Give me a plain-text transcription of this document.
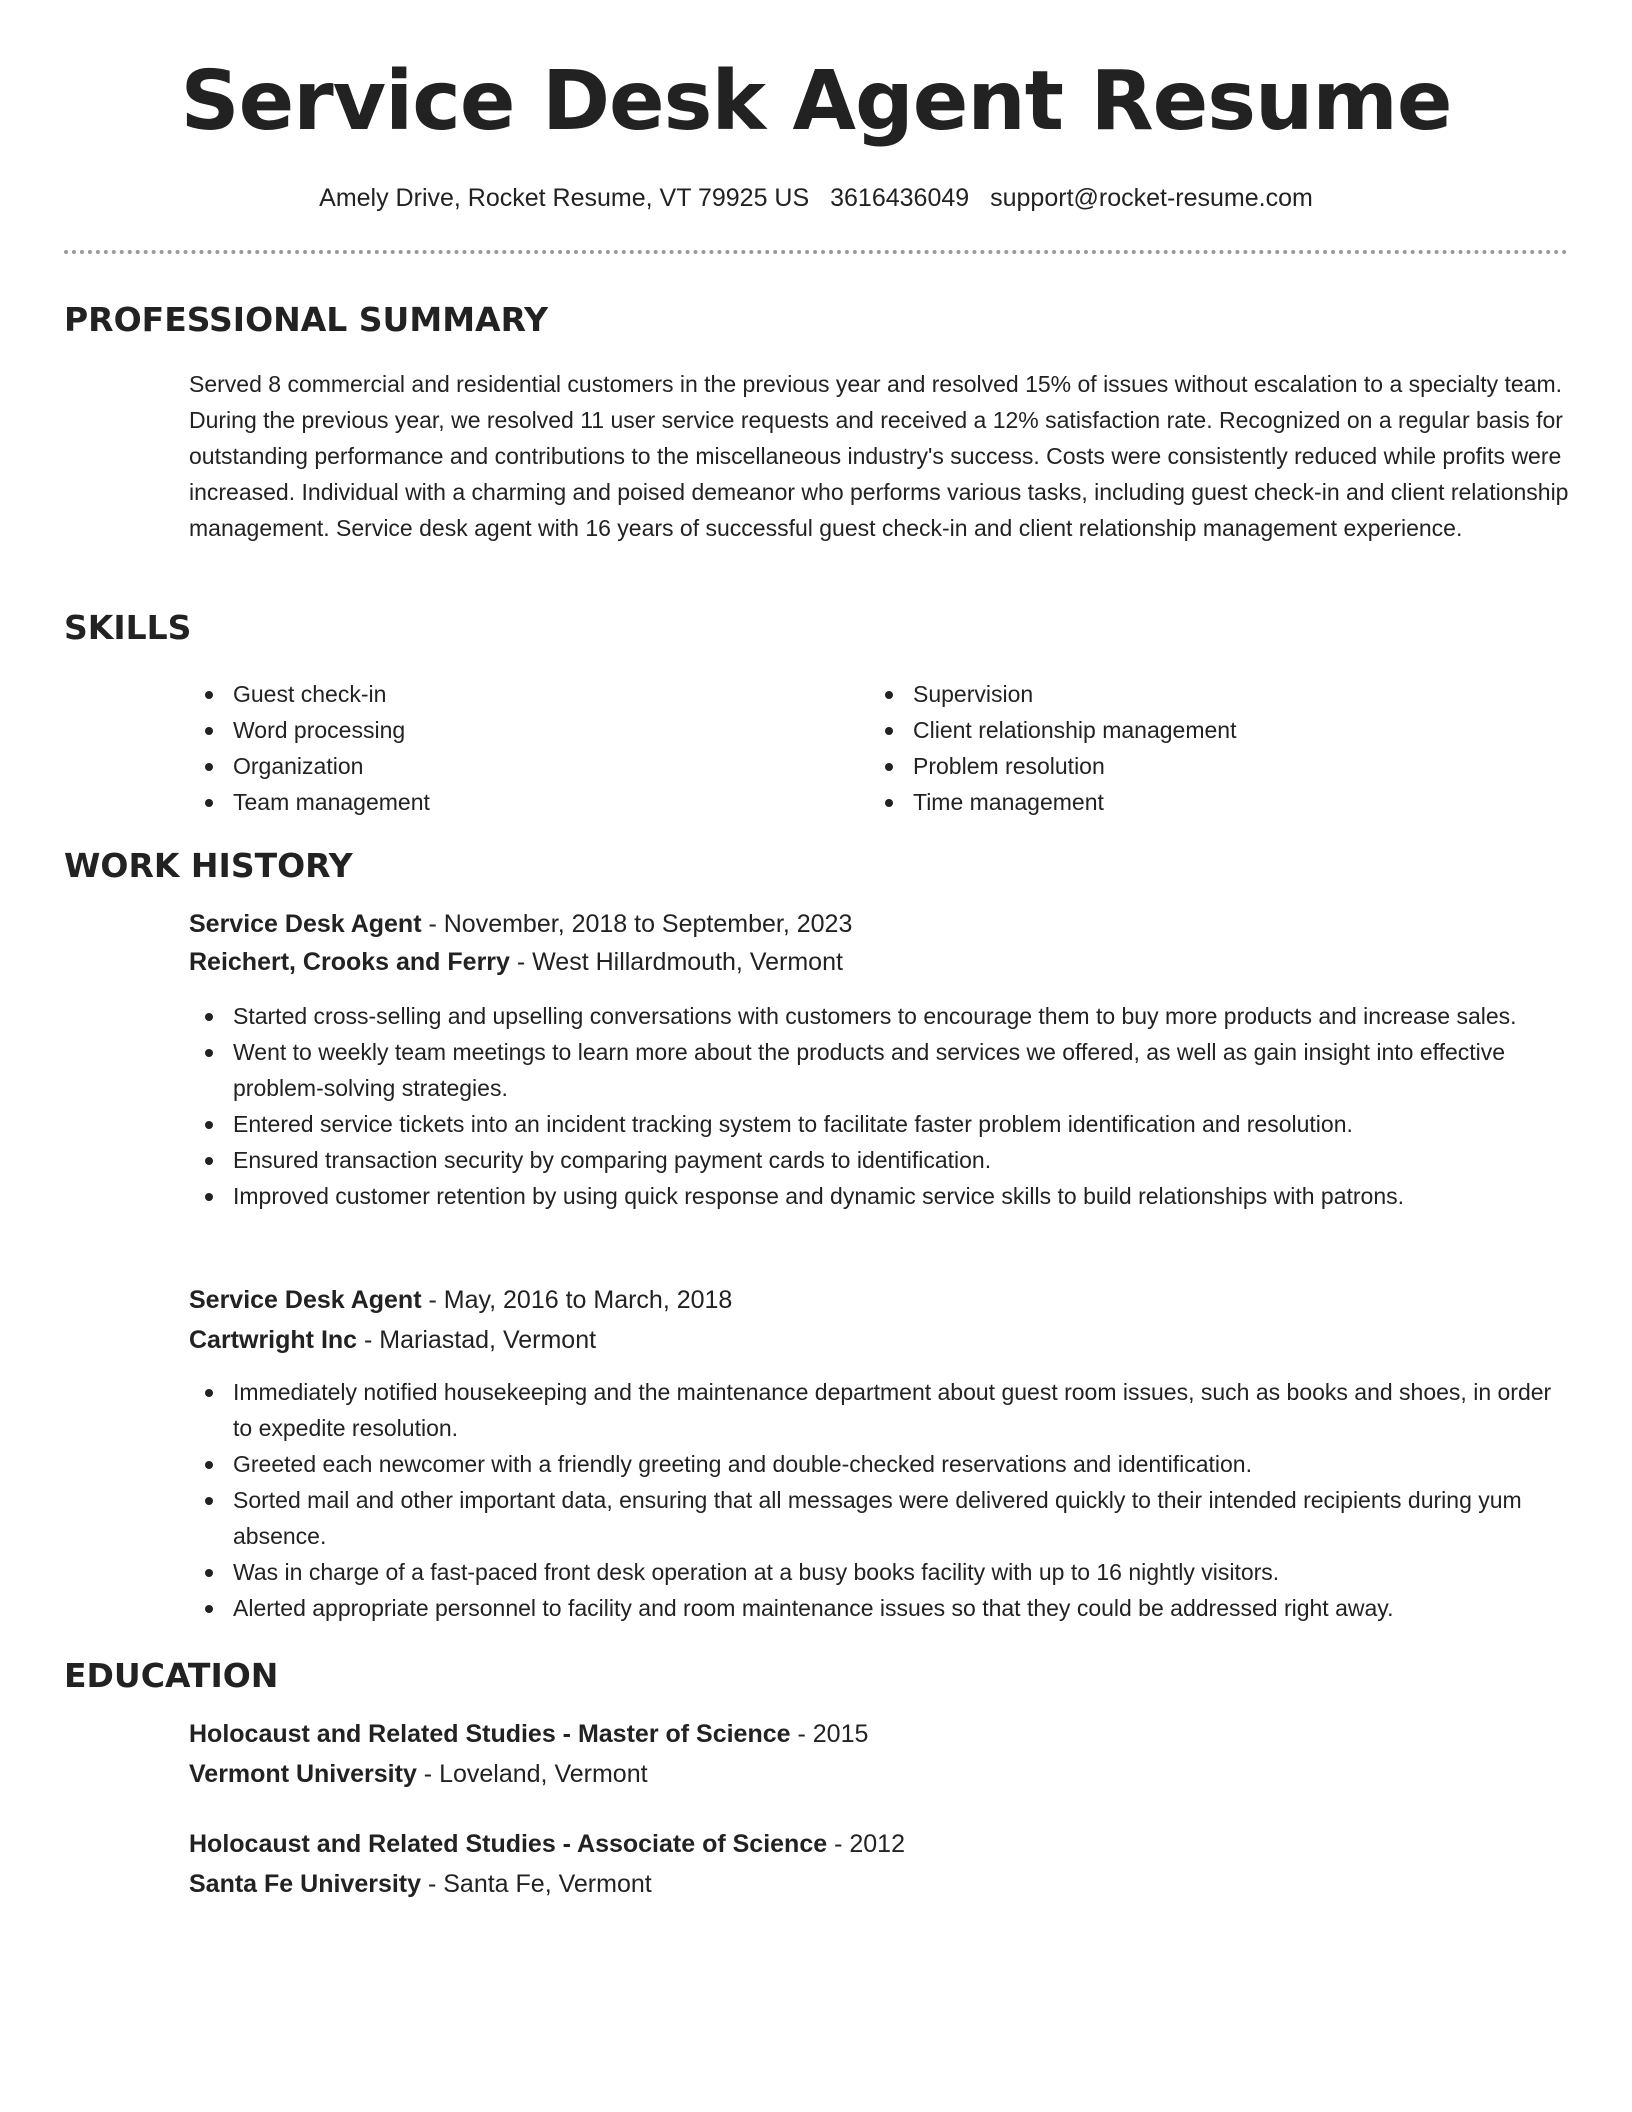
Service Desk Agent Resume
Amely Drive, Rocket Resume, VT 79925 US 3616436049 support@rocket-resume.com
PROFESSIONAL SUMMARY

Served 8 commercial and residential customers in the previous year and resolved 15% of issues without escalation to a specialty team. During the previous year, we resolved 11 user service requests and received a 12% satisfaction rate. Recognized on a regular basis for outstanding performance and contributions to the miscellaneous industry's success. Costs were consistently reduced while profits were increased. Individual with a charming and poised demeanor who performs various tasks, including guest check-in and client relationship management. Service desk agent with 16 years of successful guest check-in and client relationship management experience.

SKILLS
Guest check-in
Word processing
Organization
Team management
Supervision
Client relationship management
Problem resolution
Time management
WORK HISTORY
Service Desk Agent - November, 2018 to September, 2023
Reichert, Crooks and Ferry - West Hillardmouth, Vermont
Started cross-selling and upselling conversations with customers to encourage them to buy more products and increase sales.
Went to weekly team meetings to learn more about the products and services we offered, as well as gain insight into effective problem-solving strategies.
Entered service tickets into an incident tracking system to facilitate faster problem identification and resolution.
Ensured transaction security by comparing payment cards to identification.
Improved customer retention by using quick response and dynamic service skills to build relationships with patrons.
Service Desk Agent - May, 2016 to March, 2018
Cartwright Inc - Mariastad, Vermont
Immediately notified housekeeping and the maintenance department about guest room issues, such as books and shoes, in order to expedite resolution.
Greeted each newcomer with a friendly greeting and double-checked reservations and identification.
Sorted mail and other important data, ensuring that all messages were delivered quickly to their intended recipients during yum absence.
Was in charge of a fast-paced front desk operation at a busy books facility with up to 16 nightly visitors.
Alerted appropriate personnel to facility and room maintenance issues so that they could be addressed right away.
EDUCATION
Holocaust and Related Studies - Master of Science - 2015
Vermont University - Loveland, Vermont
Holocaust and Related Studies - Associate of Science - 2012
Santa Fe University - Santa Fe, Vermont
